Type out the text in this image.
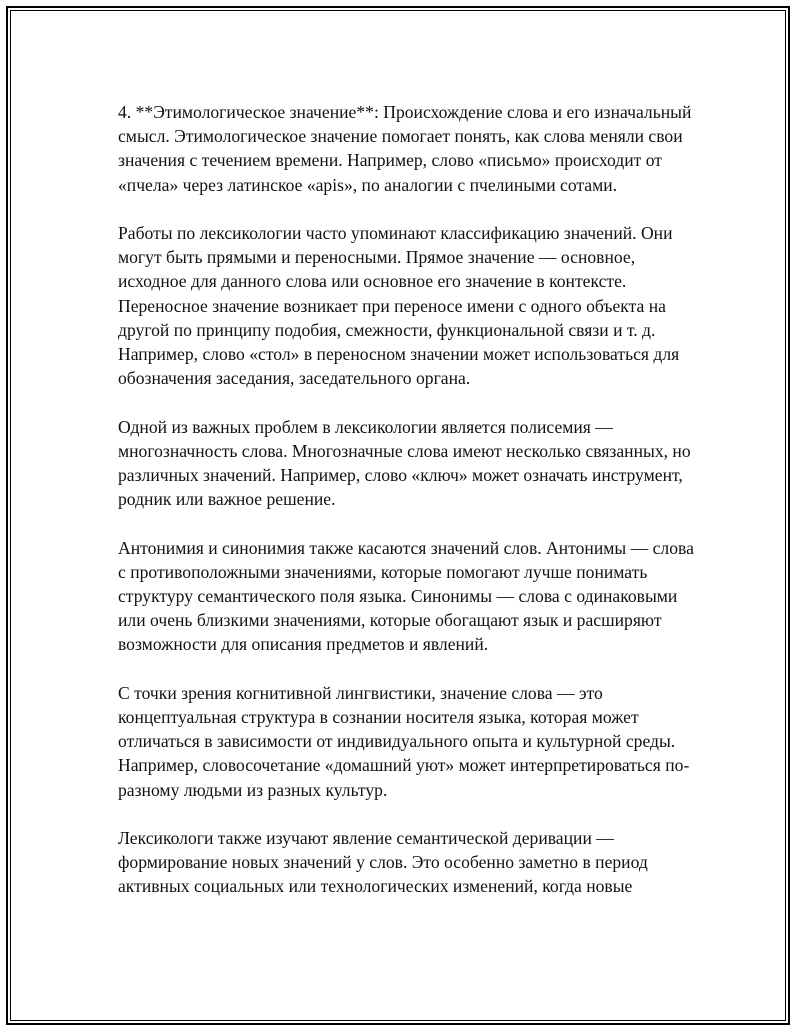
4. **Этимологическое значение**: Происхождение слова и его изначальный смысл. Этимологическое значение помогает понять, как слова меняли свои значения с течением времени. Например, слово «письмо» происходит от «пчела» через латинское «apis», по аналогии с пчелиными сотами.

Работы по лексикологии часто упоминают классификацию значений. Они могут быть прямыми и переносными. Прямое значение — основное, исходное для данного слова или основное его значение в контексте. Переносное значение возникает при переносе имени с одного объекта на другой по принципу подобия, смежности, функциональной связи и т. д. Например, слово «стол» в переносном значении может использоваться для обозначения заседания, заседательного органа.

Одной из важных проблем в лексикологии является полисемия — многозначность слова. Многозначные слова имеют несколько связанных, но различных значений. Например, слово «ключ» может означать инструмент, родник или важное решение.

Антонимия и синонимия также касаются значений слов. Антонимы — слова с противоположными значениями, которые помогают лучше понимать структуру семантического поля языка. Синонимы — слова с одинаковыми или очень близкими значениями, которые обогащают язык и расширяют возможности для описания предметов и явлений.

С точки зрения когнитивной лингвистики, значение слова — это концептуальная структура в сознании носителя языка, которая может отличаться в зависимости от индивидуального опыта и культурной среды. Например, словосочетание «домашний уют» может интерпретироваться по-разному людьми из разных культур.

Лексикологи также изучают явление семантической деривации — формирование новых значений у слов. Это особенно заметно в период активных социальных или технологических изменений, когда новые
